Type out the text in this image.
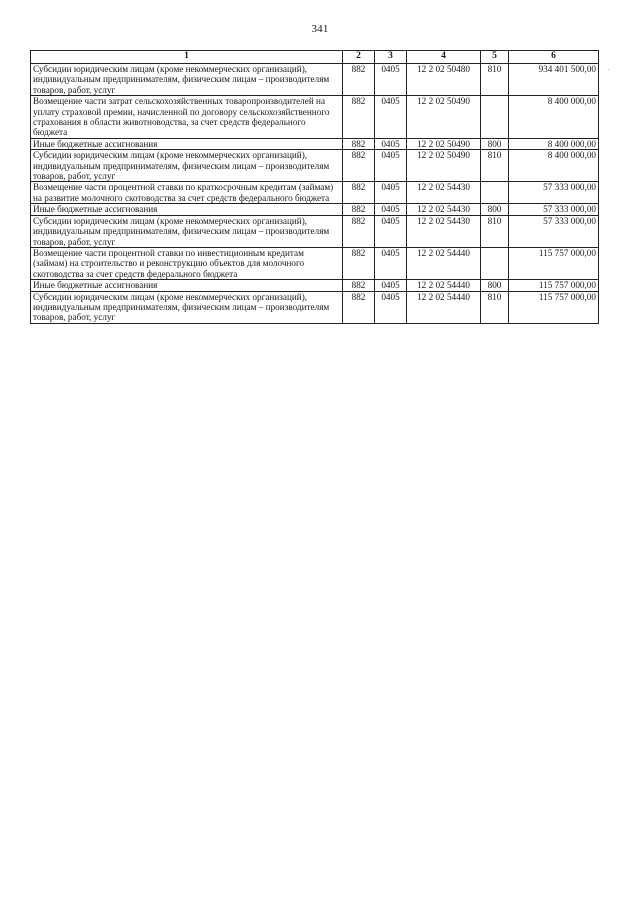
341
·
1	2	3	4	5	6
Субсидии юридическим лицам (кроме некоммерческих организаций), индивидуальным предпринимателям, физическим лицам – производителям товаров, работ, услуг	882	0405	12 2 02 50480	810	934 401 500,00
Возмещение части затрат сельскохозяйственных товаропроизводителей на уплату страховой премии, начисленной по договору сельскохозяйственного страхования в области животноводства, за счет средств федерального бюджета	882	0405	12 2 02 50490		8 400 000,00
Иные бюджетные ассигнования	882	0405	12 2 02 50490	800	8 400 000,00
Субсидии юридическим лицам (кроме некоммерческих организаций), индивидуальным предпринимателям, физическим лицам – производителям товаров, работ, услуг	882	0405	12 2 02 50490	810	8 400 000,00
Возмещение части процентной ставки по краткосрочным кредитам (займам) на развитие молочного скотоводства за счет средств федерального бюджета	882	0405	12 2 02 54430		57 333 000,00
Иные бюджетные ассигнования	882	0405	12 2 02 54430	800	57 333 000,00
Субсидии юридическим лицам (кроме некоммерческих организаций), индивидуальным предпринимателям, физическим лицам – производителям товаров, работ, услуг	882	0405	12 2 02 54430	810	57 333 000,00
Возмещение части процентной ставки по инвестиционным кредитам (займам) на строительство и реконструкцию объектов для молочного скотоводства за счет средств федерального бюджета	882	0405	12 2 02 54440		115 757 000,00
Иные бюджетные ассигнования	882	0405	12 2 02 54440	800	115 757 000,00
Субсидии юридическим лицам (кроме некоммерческих организаций), индивидуальным предпринимателям, физическим лицам – производителям товаров, работ, услуг	882	0405	12 2 02 54440	810	115 757 000,00
